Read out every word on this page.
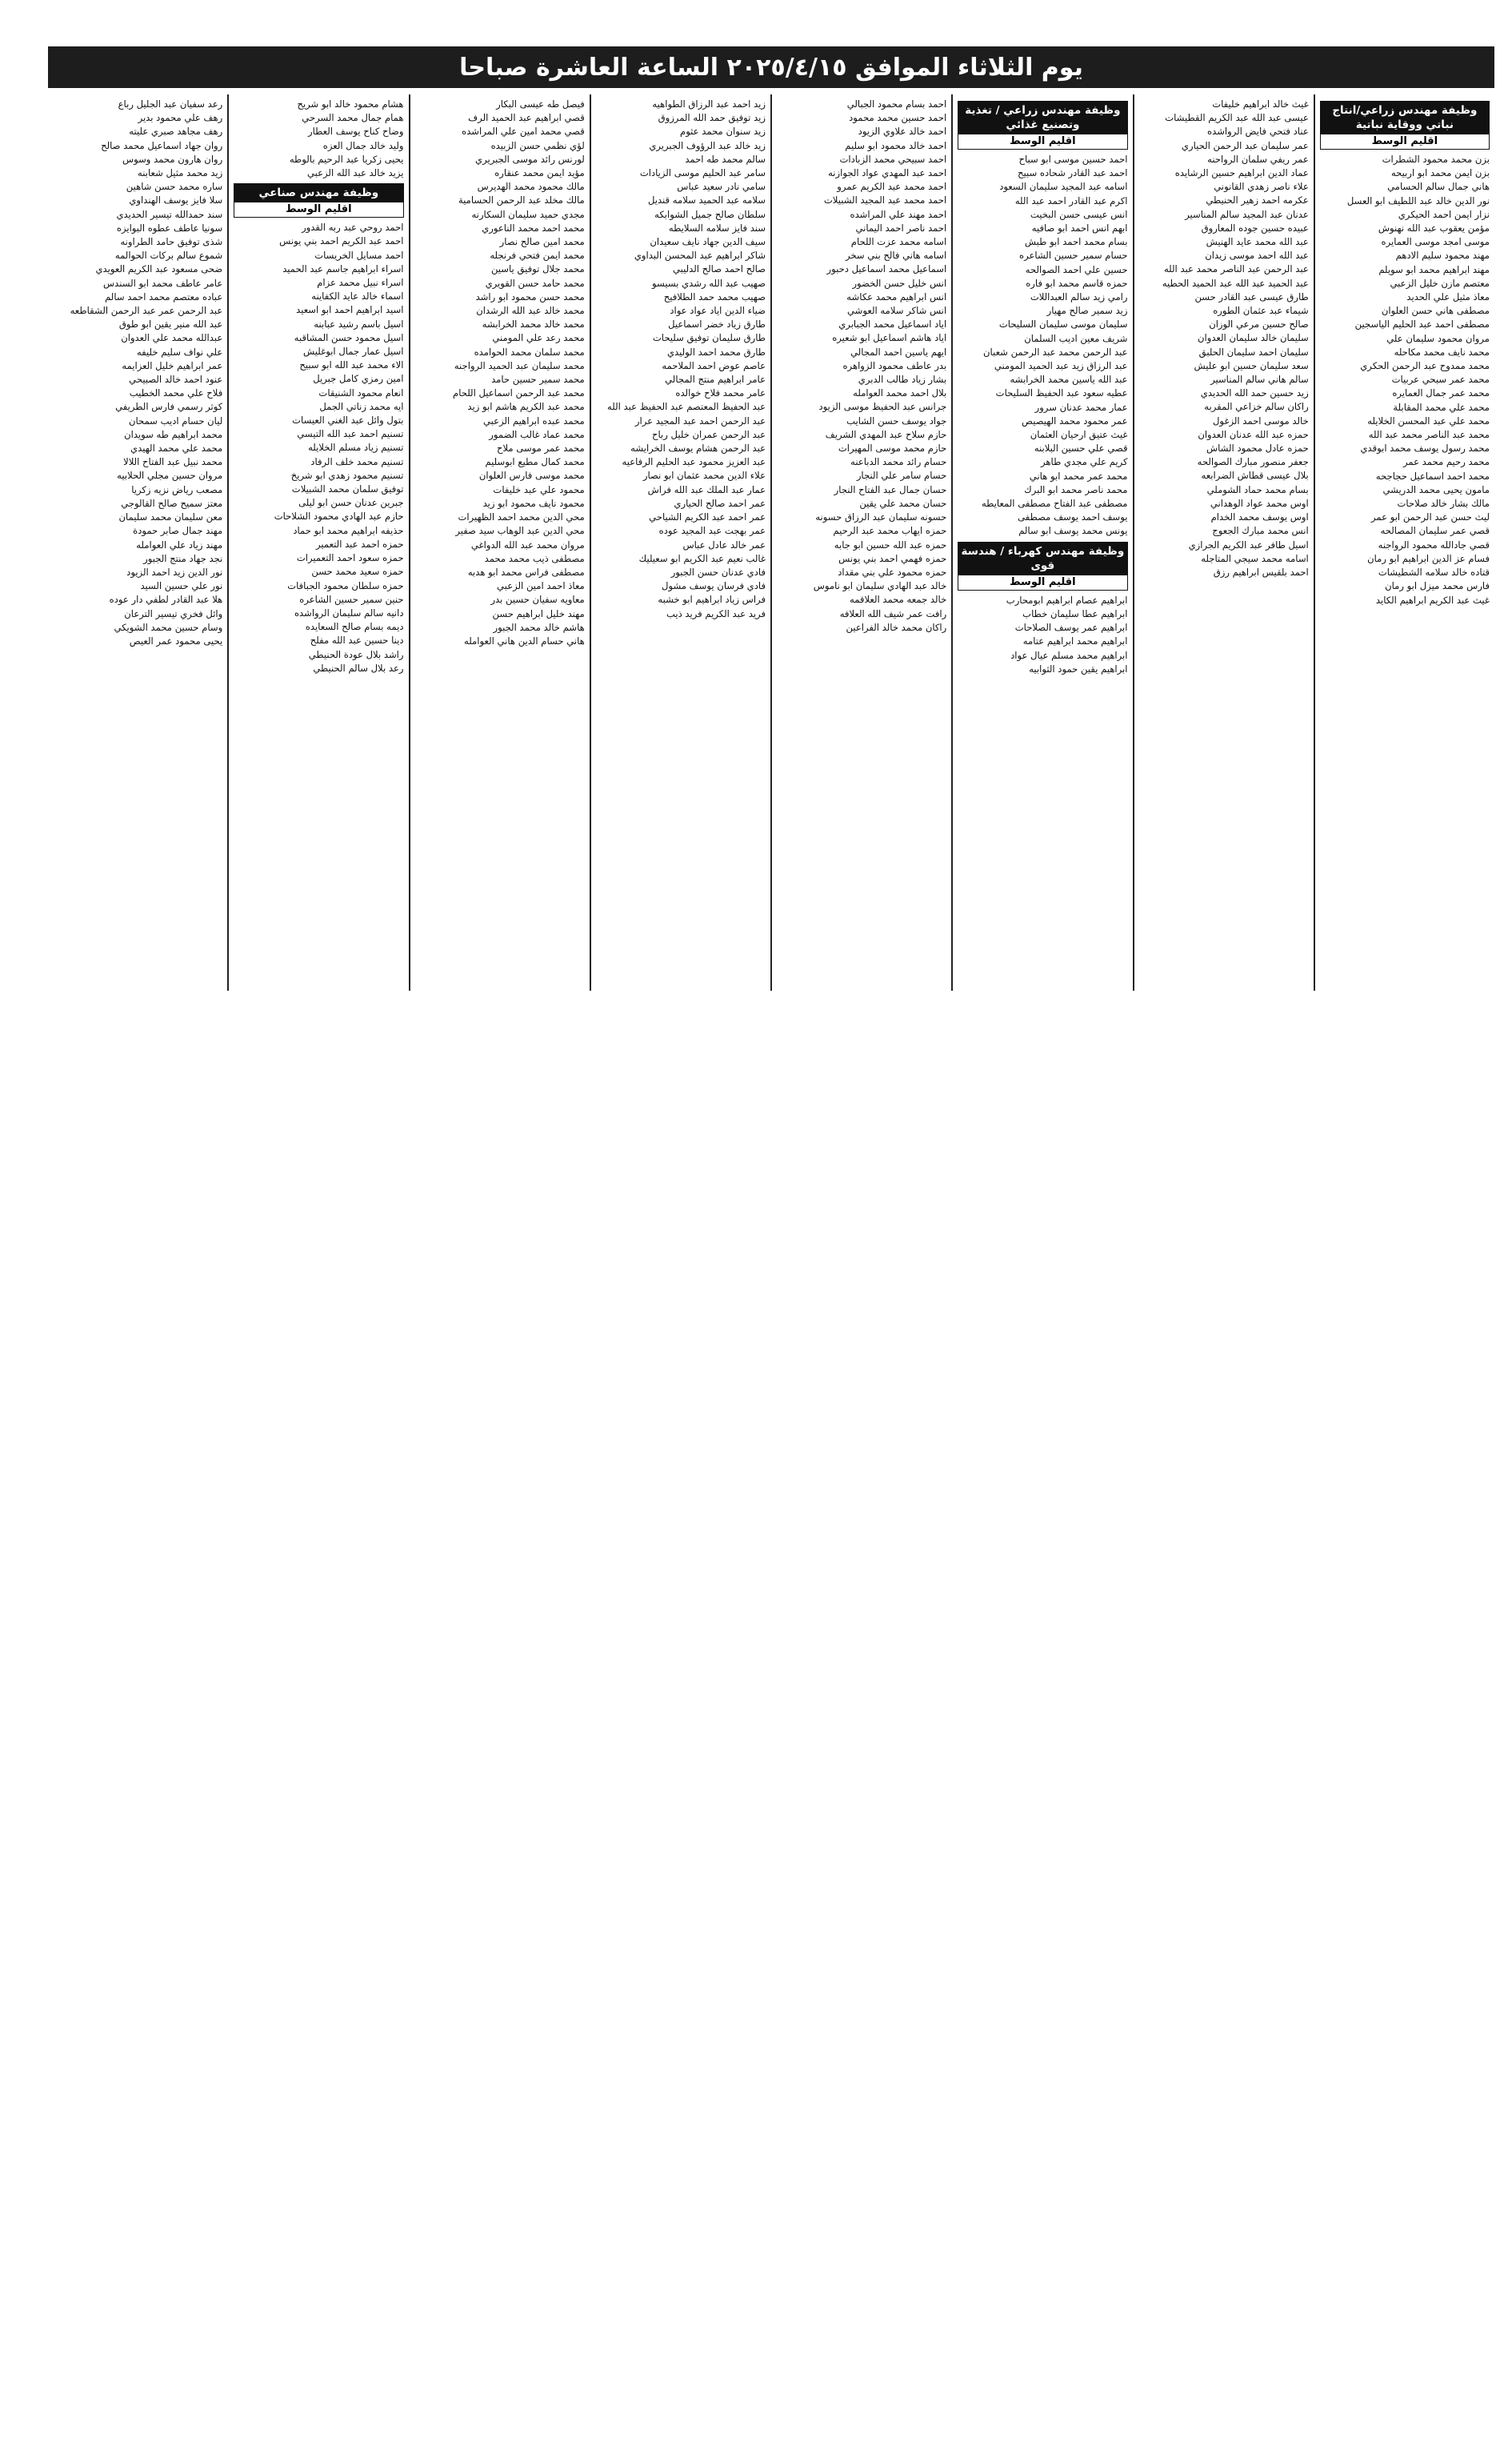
يوم الثلاثاء الموافق ٢٠٢٥/٤/١٥ الساعة العاشرة صباحا
وظيفة مهندس زراعي/انتاج نباتي ووقاية نباتية
اقليم الوسط
بزن محمد محمود الشطرات
بزن ايمن محمد ابو اربيحه
هاني جمال سالم الحسامي
نور الدين خالد عبد اللطيف ابو العسل
نزار ايمن احمد الحيكري
مؤمن يعقوب عبد الله نهنوش
موسى امجد موسى العمايره
مهند محمود سليم الادهم
مهند ابراهيم محمد ابو سويلم
معتصم مازن خليل الزعبي
معاذ مثيل علي الحديد
مصطفى هاني حسن العلوان
مصطفى احمد عبد الحليم الياسجين
مروان محمود سليمان علي
محمد نايف محمد مكاحله
محمد ممدوح عبد الرحمن الحكري
محمد عمر سبحي عربيات
محمد عمر جمال العمايره
محمد علي محمد المقابلة
محمد علي عبد المحسن الخلايله
محمد عبد الناصر محمد عبد الله
محمد رسول يوسف محمد ابوقدي
محمد رحيم محمد عمر
محمد احمد اسماعيل حجاجحه
مامون يحيى محمد الدريشي
مالك بشار خالد صلاحات
ليث حسن عبد الرحمن ابو عمر
قصي عمر سليمان المصالحه
قصي جادالله محمود الرواجنه
فسام عز الدين ابراهيم ابو رمان
قتاده خالد سلامه الشطيشات
فارس محمد ميزل ابو رمان
غيث عبد الكريم ابراهيم الكايد
غيث خالد ابراهيم خليفات
عيسى عبد الله عبد الكريم القطيشات
عناد فتحي فايض الرواشده
عمر سليمان عبد الرحمن الحياري
عمر ريفي سلمان الرواحنه
عماد الدين ابراهيم حسين الرشايده
علاء ناصر زهدي القانوني
عكرمه احمد زهير الحنيطي
عدنان عبد المجيد سالم المناسير
عبيده حسين جوده المعاروق
عبد الله محمد عايد الهنيش
عبد الله احمد موسى زيدان
عبد الرحمن عبد الناصر محمد عبد الله
عبد الحميد عبد الله عبد الحميد الحطيه
طارق عيسى عبد القادر حسن
شيماء عبد عثمان الطوره
صالح حسين مرعي الوزان
سليمان خالد سليمان العدوان
سليمان احمد سليمان الحلبق
سعد سليمان حسين ابو عليش
سالم هاني سالم المناسير
زيد حسين حمد الله الحديدي
راكان سالم خزاعي المقربه
خالد موسى احمد الزغول
حمزه عبد الله عدنان العدوان
حمزه عادل محمود الشاش
جعفر منصور مبارك الصوالحه
بلال عيسى قطاش الضرابعه
بسام محمد حماد الشوملي
اوس محمد عواد الوهداني
اوس يوسف محمد الخدام
انس محمد مبارك الجعوج
اسيل طافر عبد الكريم الجرازي
اسامه محمد سيجي المتاجله
احمد بلقيس ابراهيم رزق
وظيفة مهندس زراعي / تغذية وتصنيع غذائي
اقليم الوسط
احمد حسين موسى ابو سباح
احمد عبد القادر شحاده سبيح
اسامه عبد المجيد سليمان السعود
اكرم عبد القادر احمد عبد الله
انس عيسى حسن البخيت
ابهم انس احمد ابو صافيه
بسام محمد احمد ابو طبش
حسام سمير حسين الشاعره
حسين علي احمد الصوالحه
حمزه قاسم محمد ابو فاره
رامي زيد سالم العبداللات
زيد سمير صالح مهيار
سليمان موسى سليمان السليحات
شريف معين اديب السلمان
عبد الرحمن محمد عبد الرحمن شعبان
عبد الرزاق زيد عبد الحميد المومني
عبد الله ياسين محمد الخرابشه
عطيه سعود عبد الحفيظ السليحات
عمار محمد عدنان سرور
عمر محمود محمد الهيصيص
غيث عتيق ارحيان العثمان
قصي علي حسين البلابنه
كريم علي مجدي طاهر
محمد عمر محمد ابو هاني
محمد ناصر محمد ابو البرك
مصطفى عبد الفتاح مصطفى المعايطه
يوسف احمد يوسف مصطفى
يونس محمد يوسف ابو سالم
وظيفة مهندس كهرباء / هندسة قوى
اقليم الوسط
ابراهيم عصام ابراهيم ابومحارب
ابراهيم عطا سليمان خطاب
ابراهيم عمر يوسف الصلاحات
ابراهيم محمد ابراهيم عتامه
ابراهيم محمد مسلم عيال عواد
ابراهيم يقين حمود الثوابيه
احمد بسام محمود الجبالي
احمد حسين محمد محمود
احمد خالد علاوي الزيود
احمد خالد محمود ابو سليم
احمد سبيحي محمد الزبادات
احمد عبد المهدي عواد الجوازنه
احمد محمد عبد الكريم عمرو
احمد محمد عبد المجيد الشبيلات
احمد مهند علي المراشده
احمد ناصر احمد اليماني
اسامه محمد عزت اللحام
اسامه هاني فالح بني سخر
اسماعيل محمد اسماعيل دحبور
انس خليل حسن الخضور
انس ابراهيم محمد عكاشه
انس شاكر سلامه العوشي
اياد اسماعيل محمد الجبابري
اياد هاشم اسماعيل ابو شعيره
ايهم ياسين احمد المجالي
بدر عاطف محمود الزواهره
بشار زياد طالب الدبري
بلال احمد محمد العوامله
جرانس عبد الحفيظ موسى الزيود
جواد يوسف حسن الشايب
حازم سلاح عبد المهدي الشريف
حازم محمد موسى المهيرات
حسام رائد محمد الدباعنه
حسام سامر علي النجار
حسان جمال عبد الفتاح النجار
حسان محمد علي يقين
حسونه سليمان عبد الرزاق حسونه
حمزه ايهاب محمد عبد الرحيم
حمزه عبد الله حسين ابو جابه
حمزه فهمي احمد بني يونس
حمزه محمود علي بني مقداد
خالد عبد الهادي سليمان ابو ناموس
خالد جمعه محمد العلاقمه
رافت عمر شيف الله العلافه
راكان محمد خالد الفراعين
زيد احمد عبد الرزاق الطواهيه
زيد توفيق حمد الله المرزوق
زيد سنوان محمد عثوم
زيد خالد عبد الرؤوف الجبريري
سالم محمد طه احمد
سامر عبد الحليم موسى الزيادات
سامي نادر سعيد عباس
سلامه عبد الحميد سلامه قنديل
سلطان صالح جميل الشوابكه
سند فايز سلامه السلايطه
سيف الدين جهاد نايف سعيدان
شاكر ابراهيم عبد المحسن البداوي
صالح احمد صالح الدليبي
صهيب عبد الله رشدي بسيسو
صهيب محمد حمد الطلافيح
ضياء الدين اياد عواد عواد
طارق زياد خضر اسماعيل
طارق سليمان توفيق سليحات
طارق محمد احمد الوليدي
عاصم عوض احمد الملاحمه
عامر ابراهيم منتج المجالي
عامر محمد فلاح خوالده
عبد الحفيظ المعتصم عبد الحفيظ عبد الله
عبد الرحمن احمد عبد المجيد عرار
عبد الرحمن عمران خليل رباح
عبد الرحمن هشام يوسف الخرايشه
عبد العزيز محمود عبد الحليم الرفاعيه
علاء الدين محمد عثمان ابو نصار
عمار عبد الملك عبد الله فراش
عمر احمد صالح الحياري
عمر احمد عبد الكريم الشياحي
عمر بهجت عبد المجيد عوده
عمر خالد عادل عباس
غالب نعيم عبد الكريم ابو سعيليك
فادي عدنان حسن الجبور
فادي فرسان يوسف مشول
فراس زياد ابراهيم ابو خشبه
فريد عبد الكريم فريد ذيب
فيصل طه عيسى البكار
قصي ابراهيم عبد الحميد الرف
قصي محمد امين علي المراشده
لؤي نظمي حسن الزبيده
لورنس رائد موسى الجبريري
مؤيد ايمن محمد عنقاره
مالك محمود محمد الهديرس
مالك مخلد عبد الرحمن الحسامية
مجدي حميد سليمان السكارنه
محمد احمد محمد الناعوري
محمد امين صالح نصار
محمد ايمن فتحي فرنجله
محمد جلال توفيق ياسين
محمد حامد حسن القويري
محمد حسن محمود ابو راشد
محمد خالد عبد الله الرشدان
محمد خالد محمد الخرابشه
محمد رعد علي المومني
محمد سلمان محمد الحوامده
محمد سليمان عبد الحميد الرواجنه
محمد سمير حسين حامد
محمد عبد الرحمن اسماعيل اللحام
محمد عبد الكريم هاشم ابو زيد
محمد عبده ابراهيم الزعبي
محمد عماد غالب الضمور
محمد عمر موسى ملاح
محمد كمال مطيع ابوسليم
محمد موسى فارس العلوان
محمود علي عبد خليفات
محمود نايف محمود ابو زيد
محي الدين محمد احمد الظهيرات
محي الدين عبد الوهاب سيد صفير
مروان محمد عبد الله الدواغي
مصطفى ذيب محمد محمد
مصطفى فراس محمد ابو هدبه
معاذ احمد امين الزعبي
معاويه سفيان حسين بدر
مهند خليل ابراهيم حسن
هاشم خالد محمد الجبور
هاني حسام الدين هاني العوامله
هشام محمود خالد ابو شريح
همام جمال محمد السرحي
وضاح كناح يوسف العطار
وليد خالد جمال العزه
يحيى زكريا عبد الرحيم بالوطه
يزيد خالد عبد الله الزعبي
وظيفة مهندس صناعي
اقليم الوسط
احمد روحي عبد ربه القدور
احمد عبد الكريم احمد بني يونس
احمد مسايل الخريسات
اسراء ابراهيم جاسم عبد الحميد
اسراء نبيل محمد عزام
اسماء خالد عايد الكفاينه
اسيد ابراهيم احمد ابو اسعيد
اسيل باسم رشيد عبابنه
اسيل محمود حسن المشاقبه
اسيل عمار جمال ابوغليش
الاء محمد عبد الله ابو سبيح
امين رمزي كامل جبريل
انعام محمود الشنيقات
ايه محمد زناتي الجمل
بتول وائل عبد الغني العيسات
تسنيم احمد عبد الله التيسي
تسنيم زياد مسلم الخلايله
تسنيم محمد خلف الرفاد
تسنيم محمود زهدي ابو شريخ
توفيق سلمان محمد الشبيلات
جبرين عدنان حسن ابو ليلى
حازم عبد الهادي محمود الشلاحات
حذيفه ابراهيم محمد ابو حماد
حمزه احمد عبد التعمير
حمزه سعود احمد التعميرات
حمزه سعيد محمد حسن
حمزه سلطان محمود الجبافات
حنين سمير حسين الشاعره
دانيه سالم سليمان الرواشده
ديمه بسام صالح السعايده
دينا حسين عبد الله مفلح
راشد بلال عودة الحنيطي
رعد بلال سالم الحنيطي
رعد سفيان عبد الجليل رباع
رهف علي محمود بدير
رهف مجاهد صبري عليته
روان جهاد اسماعيل محمد صالح
روان هارون محمد وسوس
زيد محمد مثيل شعابنه
ساره محمد حسن شاهين
سلا فايز يوسف الهنداوي
سند حمدالله تيسير الحديدي
سونيا عاطف عطوه البوايزه
شذى توفيق حامد الطراونه
شموع سالم بركات الحوالمه
ضحى مسعود عبد الكريم العويدي
عامر عاطف محمد ابو السندس
عباده معتصم محمد احمد سالم
عبد الرحمن عمر عبد الرحمن الشقاطعه
عبد الله منير يقين ابو طوق
عبدالله محمد علي العدوان
علي نواف سليم خليفه
عمر ابراهيم خليل العزايمه
عنود احمد خالد الصبيحي
فلاح علي محمد الخطيب
كوثر رسمي فارس الطريفي
ليان حسام اديب سمحان
محمد ابراهيم طه سويدان
محمد علي محمد الهيدي
محمد نبيل عبد الفتاح اللالا
مروان حسين مجلي الحلابيه
مصعب رياض نزيه زكريا
معتز سميح صالح القالوجي
معن سليمان محمد سليمان
مهند جمال صابر حمودة
مهند زياد علي العوامله
نجد جهاد منتج الجبور
نور الدين زيد احمد الزيود
نور علي حسين السيد
هلا عبد القادر لطفي دار عوده
وائل فخري تيسير الترعان
وسام حسين محمد الشويكي
يحيى محمود عمر العيص
